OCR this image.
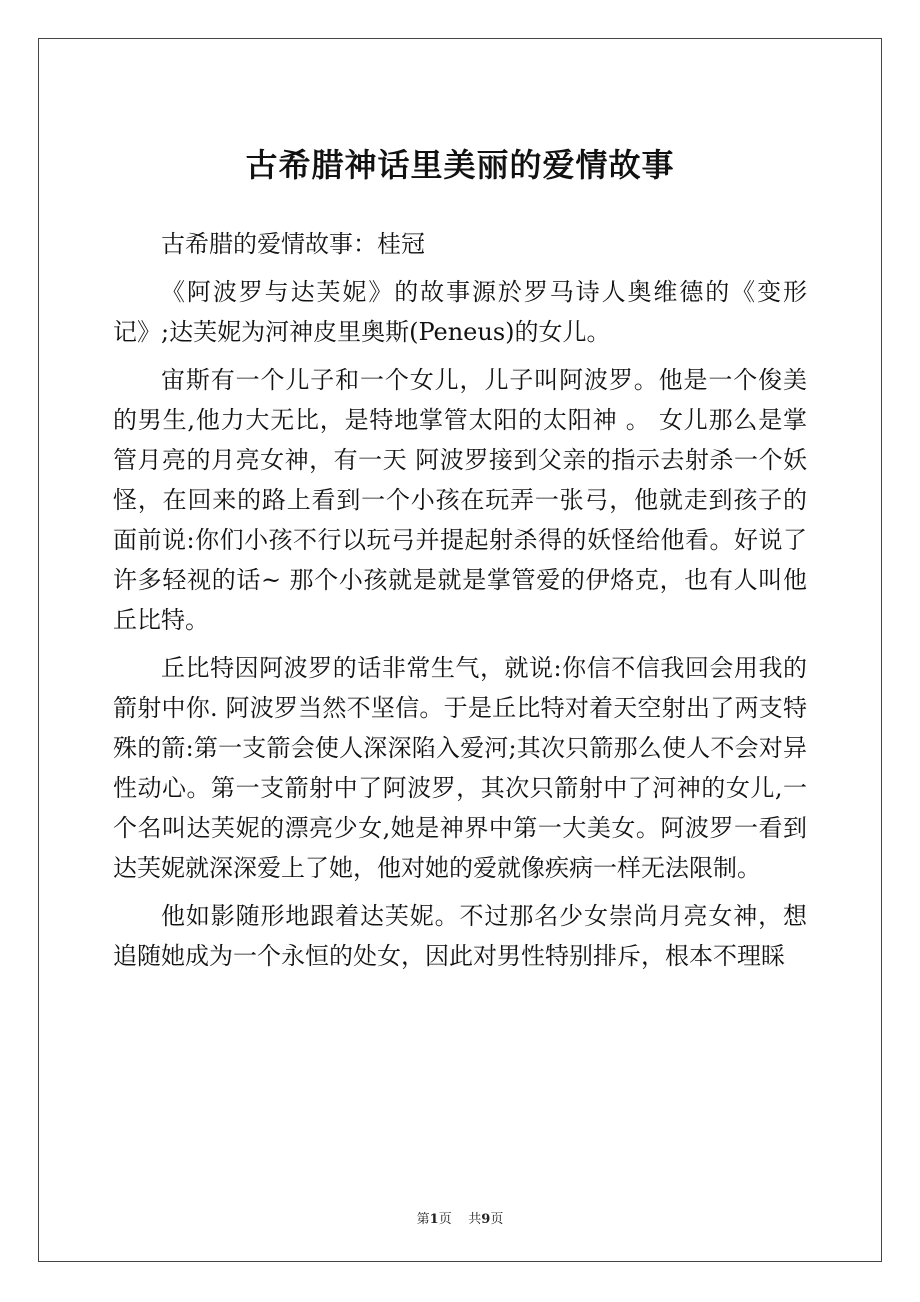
古希腊神话里美丽的爱情故事

古希腊的爱情故事：桂冠

《阿波罗与达芙妮》的故事源於罗马诗人奥维德的《变形记》;达芙妮为河神皮里奥斯(Peneus)的女儿。

宙斯有一个儿子和一个女儿，儿子叫阿波罗。他是一个俊美的男生,他力大无比，是特地掌管太阳的太阳神 。 女儿那么是掌管月亮的月亮女神，有一天 阿波罗接到父亲的指示去射杀一个妖怪，在回来的路上看到一个小孩在玩弄一张弓，他就走到孩子的面前说:你们小孩不行以玩弓并提起射杀得的妖怪给他看。好说了许多轻视的话~ 那个小孩就是就是掌管爱的伊烙克，也有人叫他丘比特。

丘比特因阿波罗的话非常生气，就说:你信不信我回会用我的箭射中你. 阿波罗当然不坚信。于是丘比特对着天空射出了两支特殊的箭:第一支箭会使人深深陷入爱河;其次只箭那么使人不会对异性动心。第一支箭射中了阿波罗，其次只箭射中了河神的女儿,一个名叫达芙妮的漂亮少女,她是神界中第一大美女。阿波罗一看到达芙妮就深深爱上了她，他对她的爱就像疾病一样无法限制。

他如影随形地跟着达芙妮。不过那名少女崇尚月亮女神，想追随她成为一个永恒的处女，因此对男性特别排斥，根本不理睬

第1页 共9页
